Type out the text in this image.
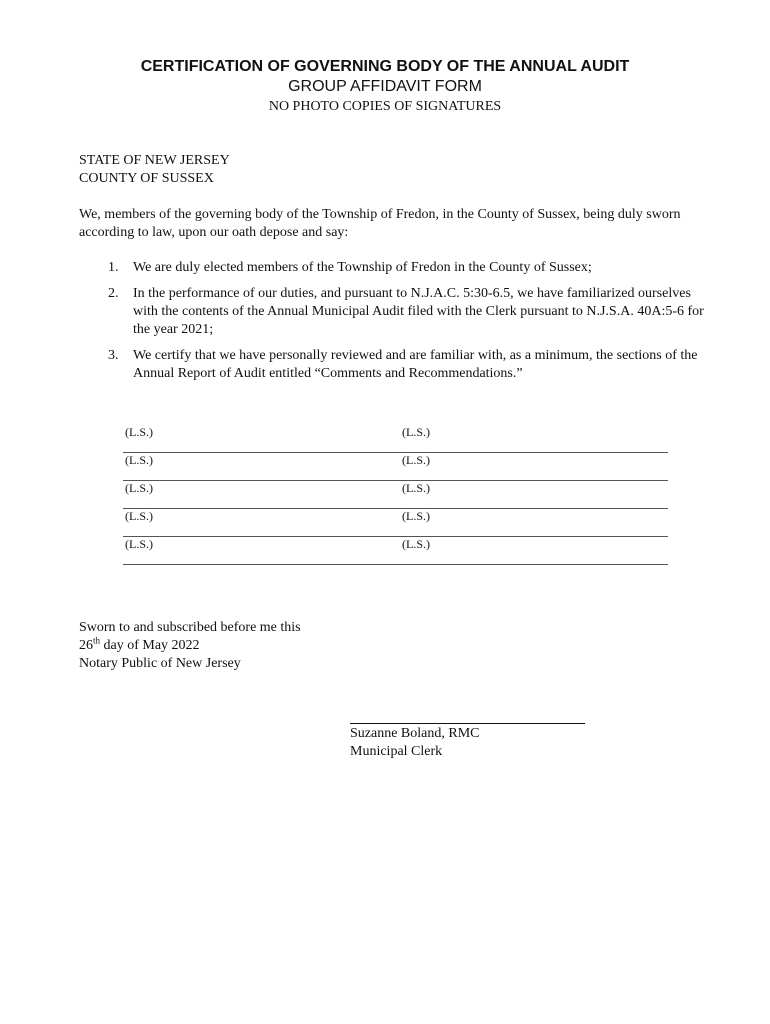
CERTIFICATION OF GOVERNING BODY OF THE ANNUAL AUDIT
GROUP AFFIDAVIT FORM
NO PHOTO COPIES OF SIGNATURES
STATE OF NEW JERSEY
COUNTY OF SUSSEX
We, members of the governing body of the Township of Fredon, in the County of Sussex, being duly sworn according to law, upon our oath depose and say:
1.	We are duly elected members of the Township of Fredon in the County of Sussex;
2.	In the performance of our duties, and pursuant to N.J.A.C. 5:30-6.5, we have familiarized ourselves with the contents of the Annual Municipal Audit filed with the Clerk pursuant to N.J.S.A. 40A:5-6 for the year 2021;
3.	We certify that we have personally reviewed and are familiar with, as a minimum, the sections of the Annual Report of Audit entitled “Comments and Recommendations.”
(L.S.)	(L.S.)
(L.S.)	(L.S.)
(L.S.)	(L.S.)
(L.S.)	(L.S.)
(L.S.)	(L.S.)
Sworn to and subscribed before me this
26th day of May 2022
Notary Public of New Jersey
Suzanne Boland, RMC
Municipal Clerk
